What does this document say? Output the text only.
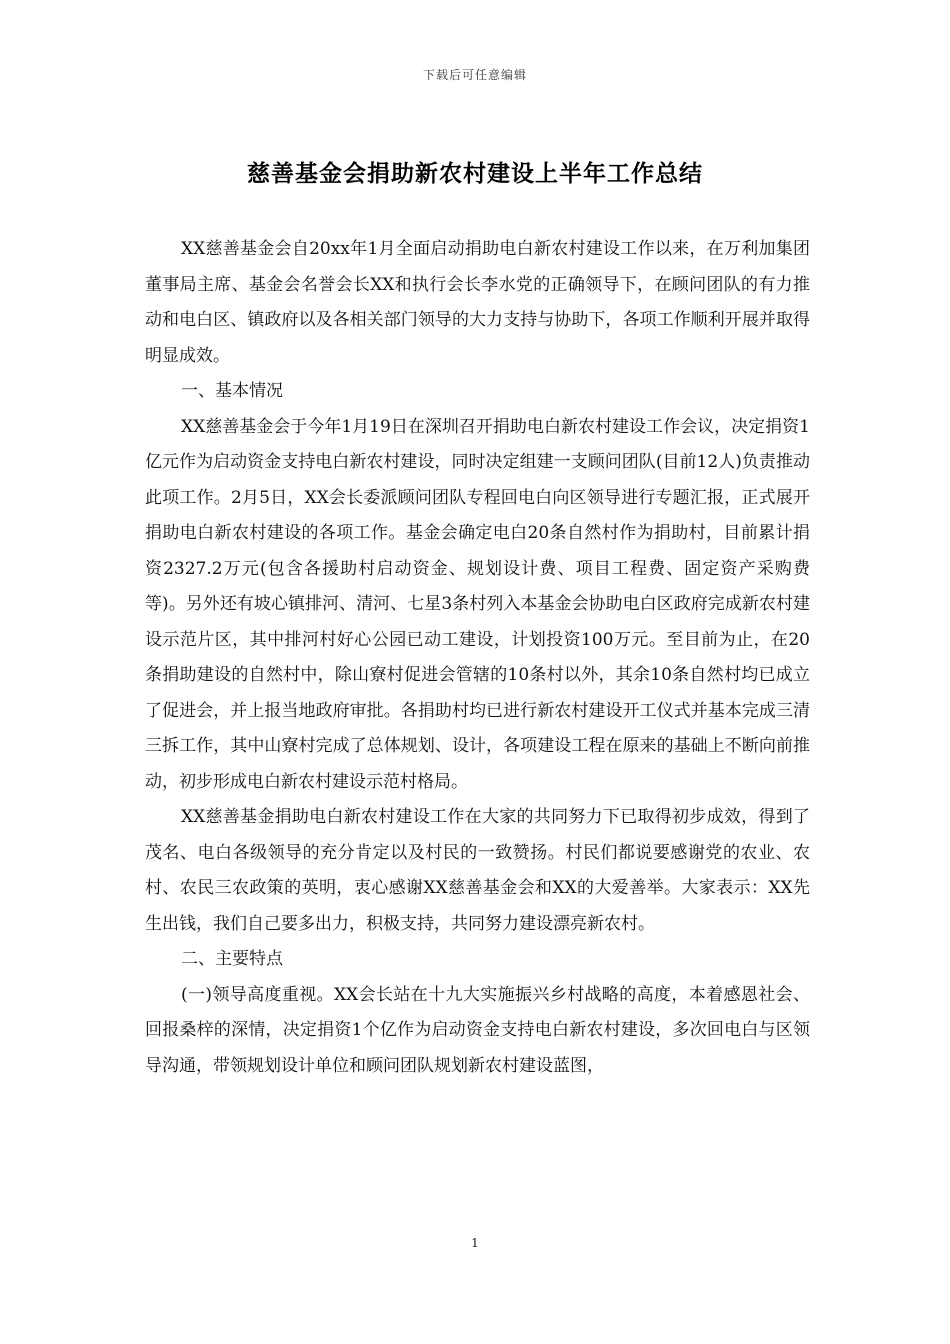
下载后可任意编辑
慈善基金会捐助新农村建设上半年工作总结

XX慈善基金会自20xx年1月全面启动捐助电白新农村建设工作以来，在万利加集团董事局主席、基金会名誉会长XX和执行会长李水党的正确领导下，在顾问团队的有力推动和电白区、镇政府以及各相关部门领导的大力支持与协助下，各项工作顺利开展并取得明显成效。

一、基本情况

XX慈善基金会于今年1月19日在深圳召开捐助电白新农村建设工作会议，决定捐资1亿元作为启动资金支持电白新农村建设，同时决定组建一支顾问团队(目前12人)负责推动此项工作。2月5日，XX会长委派顾问团队专程回电白向区领导进行专题汇报，正式展开捐助电白新农村建设的各项工作。基金会确定电白20条自然村作为捐助村，目前累计捐资2327.2万元(包含各援助村启动资金、规划设计费、项目工程费、固定资产采购费等)。另外还有坡心镇排河、清河、七星3条村列入本基金会协助电白区政府完成新农村建设示范片区，其中排河村好心公园已动工建设，计划投资100万元。至目前为止，在20条捐助建设的自然村中，除山寮村促进会管辖的10条村以外，其余10条自然村均已成立了促进会，并上报当地政府审批。各捐助村均已进行新农村建设开工仪式并基本完成三清三拆工作，其中山寮村完成了总体规划、设计，各项建设工程在原来的基础上不断向前推动，初步形成电白新农村建设示范村格局。

XX慈善基金捐助电白新农村建设工作在大家的共同努力下已取得初步成效，得到了茂名、电白各级领导的充分肯定以及村民的一致赞扬。村民们都说要感谢党的农业、农村、农民三农政策的英明，衷心感谢XX慈善基金会和XX的大爱善举。大家表示：XX先生出钱，我们自己要多出力，积极支持，共同努力建设漂亮新农村。

二、主要特点

(一)领导高度重视。XX会长站在十九大实施振兴乡村战略的高度，本着感恩社会、回报桑梓的深情，决定捐资1个亿作为启动资金支持电白新农村建设，多次回电白与区领导沟通，带领规划设计单位和顾问团队规划新农村建设蓝图，

1
